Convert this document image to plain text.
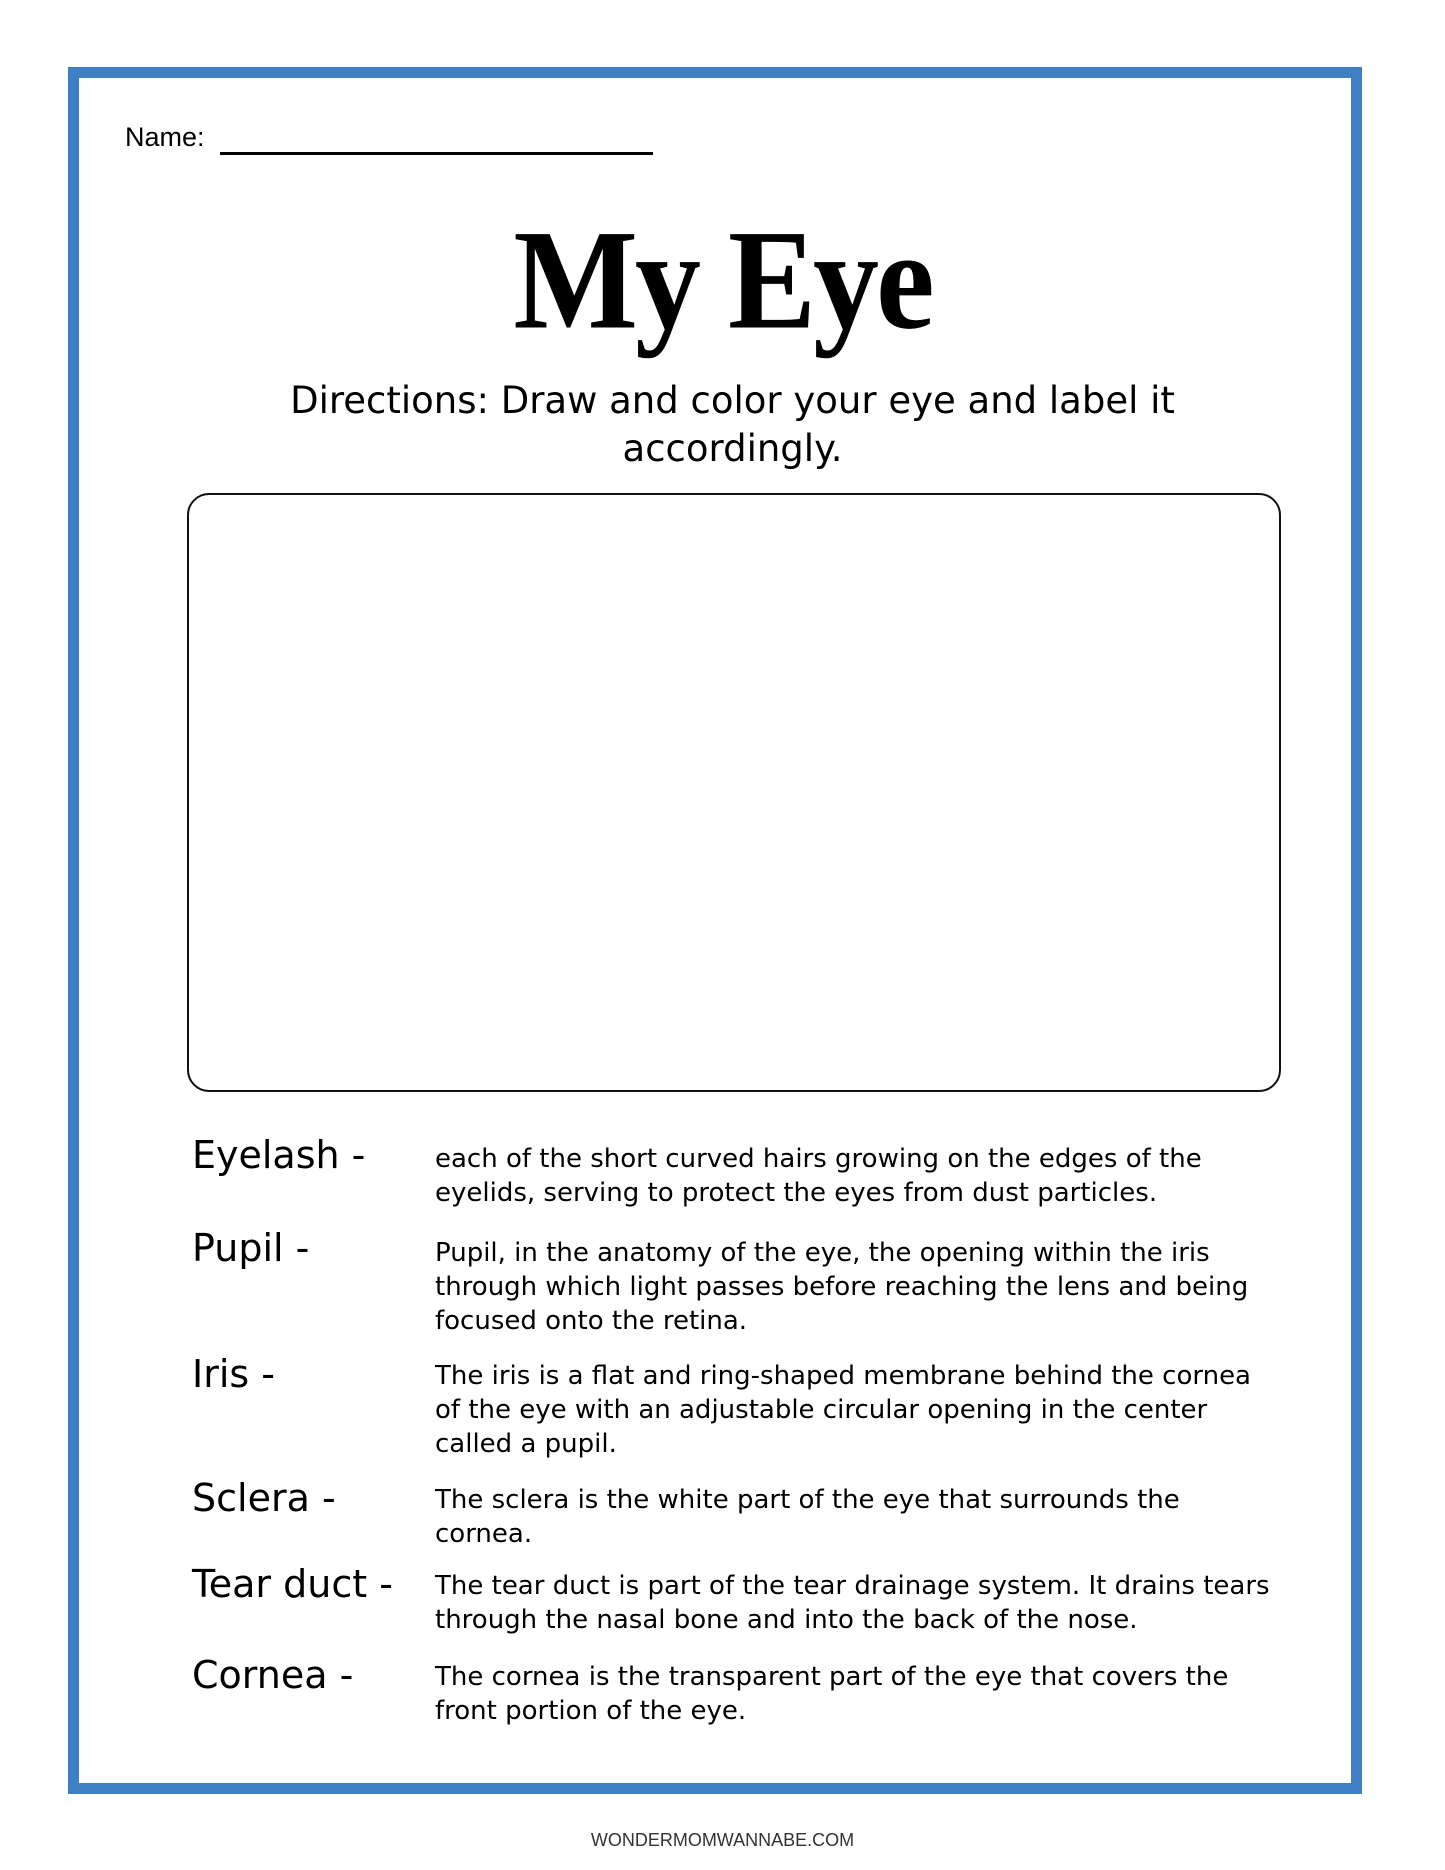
Name:
My Eye
Directions: Draw and color your eye and label it accordingly.
Eyelash -	each of the short curved hairs growing on the edges of the eyelids, serving to protect the eyes from dust particles.
Pupil -	Pupil, in the anatomy of the eye, the opening within the iris through which light passes before reaching the lens and being focused onto the retina.
Iris -	The iris is a flat and ring-shaped membrane behind the cornea of the eye with an adjustable circular opening in the center called a pupil.
Sclera -	The sclera is the white part of the eye that surrounds the cornea.
Tear duct - The tear duct is part of the tear drainage system. It drains tears through the nasal bone and into the back of the nose.
Cornea -	The cornea is the transparent part of the eye that covers the front portion of the eye.
WONDERMOMWANNABE.COM
